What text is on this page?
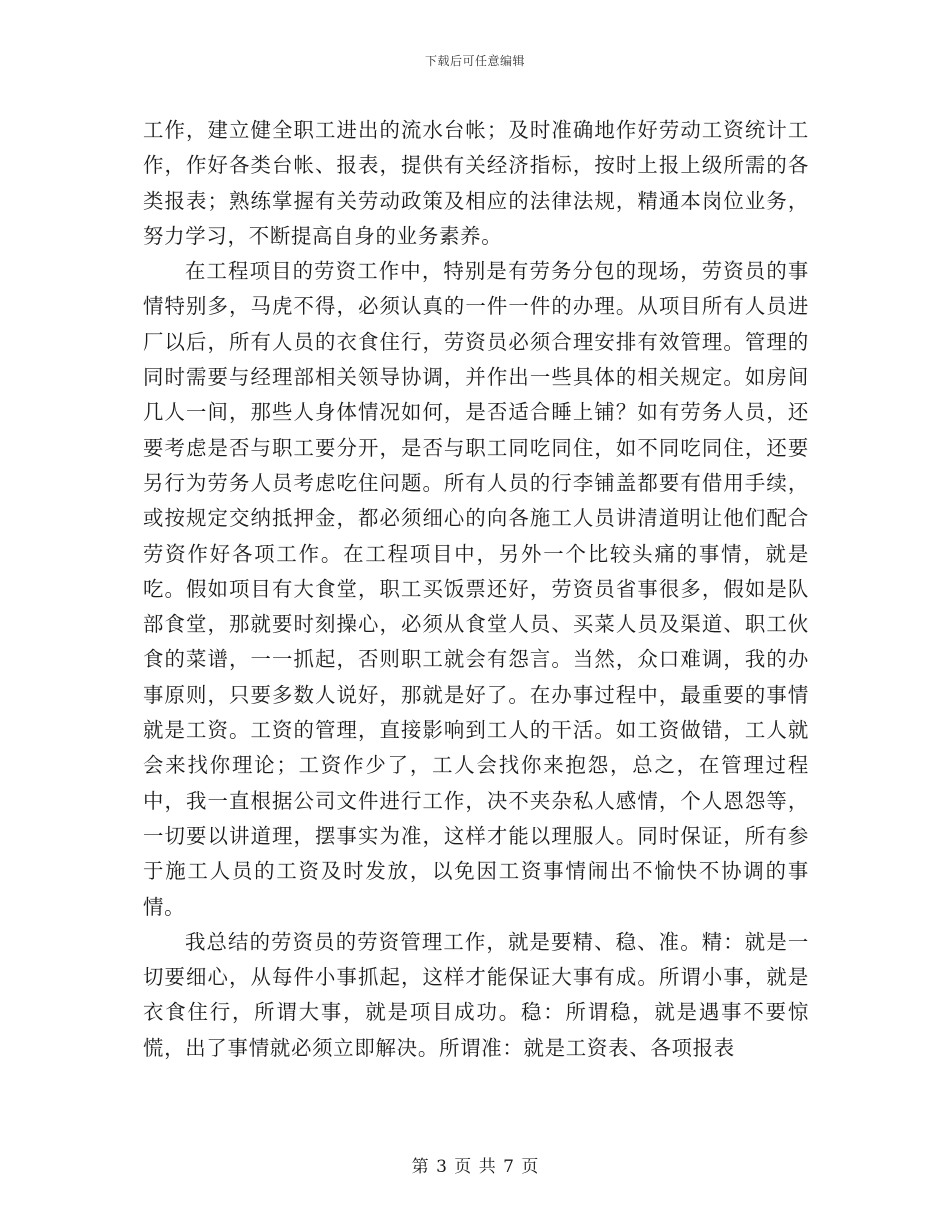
下载后可任意编辑

工作，建立健全职工进出的流水台帐；及时准确地作好劳动工资统计工作，作好各类台帐、报表，提供有关经济指标，按时上报上级所需的各类报表；熟练掌握有关劳动政策及相应的法律法规，精通本岗位业务，努力学习，不断提高自身的业务素养。

在工程项目的劳资工作中，特别是有劳务分包的现场，劳资员的事情特别多，马虎不得，必须认真的一件一件的办理。从项目所有人员进厂以后，所有人员的衣食住行，劳资员必须合理安排有效管理。管理的同时需要与经理部相关领导协调，并作出一些具体的相关规定。如房间几人一间，那些人身体情况如何，是否适合睡上铺？如有劳务人员，还要考虑是否与职工要分开，是否与职工同吃同住，如不同吃同住，还要另行为劳务人员考虑吃住问题。所有人员的行李铺盖都要有借用手续，或按规定交纳抵押金，都必须细心的向各施工人员讲清道明让他们配合劳资作好各项工作。在工程项目中，另外一个比较头痛的事情，就是吃。假如项目有大食堂，职工买饭票还好，劳资员省事很多，假如是队部食堂，那就要时刻操心，必须从食堂人员、买菜人员及渠道、职工伙食的菜谱，一一抓起，否则职工就会有怨言。当然，众口难调，我的办事原则，只要多数人说好，那就是好了。在办事过程中，最重要的事情就是工资。工资的管理，直接影响到工人的干活。如工资做错，工人就会来找你理论；工资作少了，工人会找你来抱怨，总之，在管理过程中，我一直根据公司文件进行工作，决不夹杂私人感情，个人恩怨等，一切要以讲道理，摆事实为准，这样才能以理服人。同时保证，所有参于施工人员的工资及时发放，以免因工资事情闹出不愉快不协调的事情。

我总结的劳资员的劳资管理工作，就是要精、稳、准。精：就是一切要细心，从每件小事抓起，这样才能保证大事有成。所谓小事，就是衣食住行，所谓大事，就是项目成功。稳：所谓稳，就是遇事不要惊慌，出了事情就必须立即解决。所谓准：就是工资表、各项报表

第 3 页 共 7 页
